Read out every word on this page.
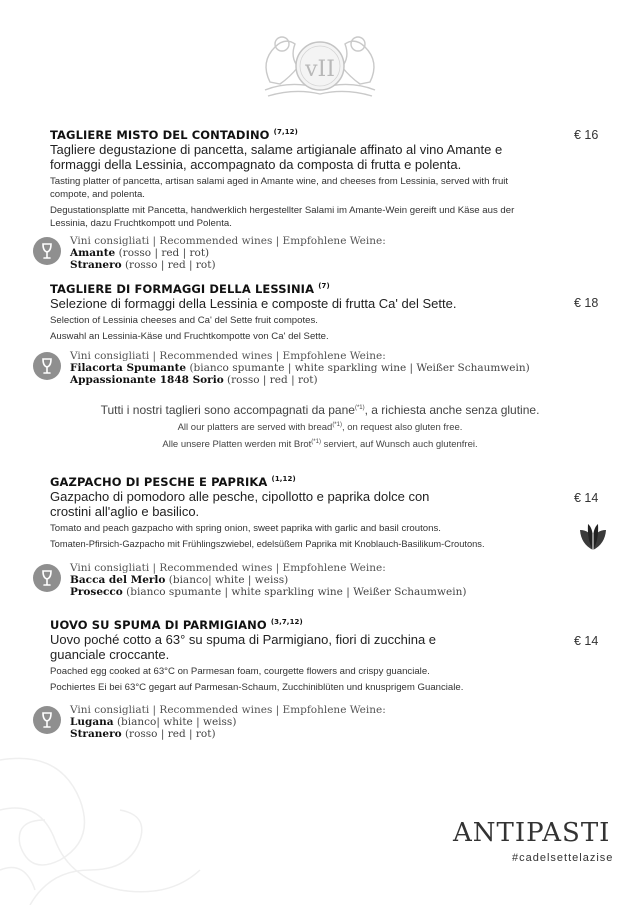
vII
TAGLIERE MISTO DEL CONTADINO $^{(7,12)}$
Tagliere degustazione di pancetta, salame artigianale affinato al vino Amante e formaggi della Lessinia, accompagnato da composta di frutta e polenta.
Tasting platter of pancetta, artisan salami aged in Amante wine, and cheeses from Lessinia, served with fruit compote, and polenta.
Degustationsplatte mit Pancetta, handwerklich hergestellter Salami im Amante-Wein gereift und Käse aus der Lessinia, dazu Fruchtkompott und Polenta.
€ 16
Vini consigliati | Recommended wines | Empfohlene Weine:
Amante (rosso | red | rot)
Stranero (rosso | red | rot)
TAGLIERE DI FORMAGGI DELLA LESSINIA $^{(7)}$
Selezione di formaggi della Lessinia e composte di frutta Ca' del Sette.
Selection of Lessinia cheeses and Ca' del Sette fruit compotes.
Auswahl an Lessinia-Käse und Fruchtkompotte von Ca' del Sette.
€ 18
Vini consigliati | Recommended wines | Empfohlene Weine:
Filacorta Spumante (bianco spumante | white sparkling wine | Weißer Schaumwein)
Appassionante 1848 Sorio (rosso | red | rot)
Tutti i nostri taglieri sono accompagnati da pane$^{(*1)}$, a richiesta anche senza glutine.
All our platters are served with bread$^{(*1)}$, on request also gluten free.
Alle unsere Platten werden mit Brot$^{(*1)}$ serviert, auf Wunsch auch glutenfrei.
GAZPACHO DI PESCHE E PAPRIKA $^{(1,12)}$
Gazpacho di pomodoro alle pesche, cipollotto e paprika dolce con crostini all'aglio e basilico.
Tomato and peach gazpacho with spring onion, sweet paprika with garlic and basil croutons.
Tomaten-Pfirsich-Gazpacho mit Frühlingszwiebel, edelsüßem Paprika mit Knoblauch-Basilikum-Croutons.
€ 14
Vini consigliati | Recommended wines | Empfohlene Weine:
Bacca del Merlo (bianco| white | weiss)
Prosecco (bianco spumante | white sparkling wine | Weißer Schaumwein)
UOVO SU SPUMA DI PARMIGIANO $^{(3,7,12)}$
Uovo poché cotto a 63° su spuma di Parmigiano, fiori di zucchina e guanciale croccante.
Poached egg cooked at 63°C on Parmesan foam, courgette flowers and crispy guanciale.
Pochiertes Ei bei 63°C gegart auf Parmesan-Schaum, Zucchiniblüten und knusprigem Guanciale.
€ 14
Vini consigliati | Recommended wines | Empfohlene Weine:
Lugana (bianco| white | weiss)
Stranero (rosso | red | rot)
ANTIPASTI
#cadelsettelazise
